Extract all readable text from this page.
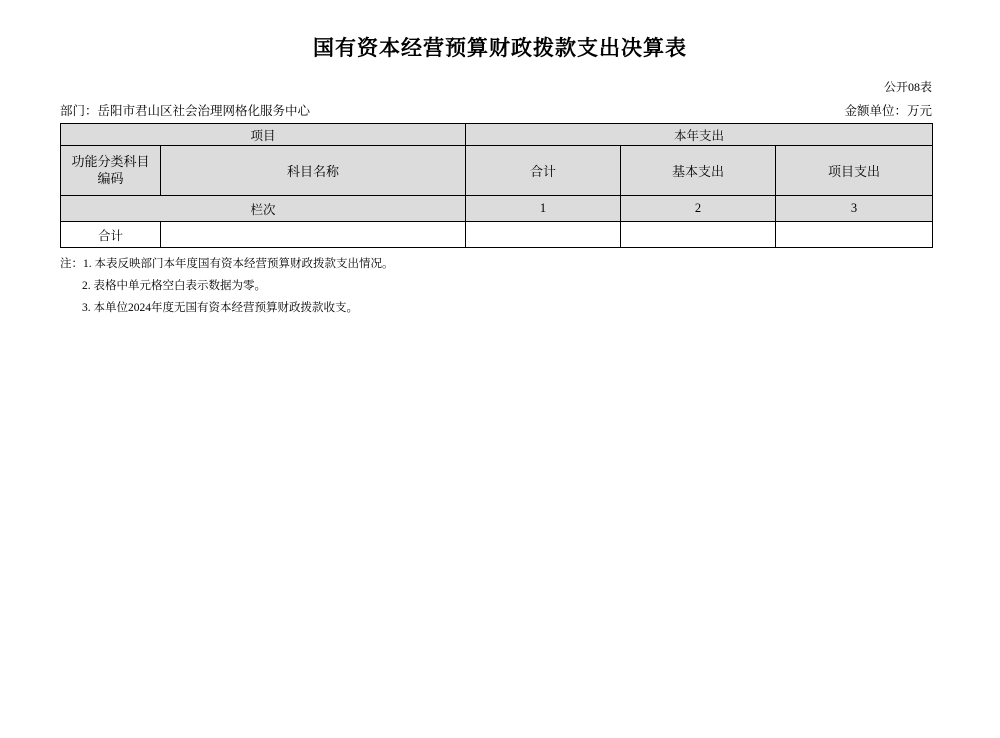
国有资本经营预算财政拨款支出决算表
公开08表
部门：岳阳市君山区社会治理网格化服务中心	金额单位：万元
项目		本年支出		

功能分类科目
编码	科目名称	合计	基本支出	项目支出
栏次		1	2	3
合计				
注：1. 本表反映部门本年度国有资本经营预算财政拨款支出情况。
2. 表格中单元格空白表示数据为零。
3. 本单位2024年度无国有资本经营预算财政拨款收支。
